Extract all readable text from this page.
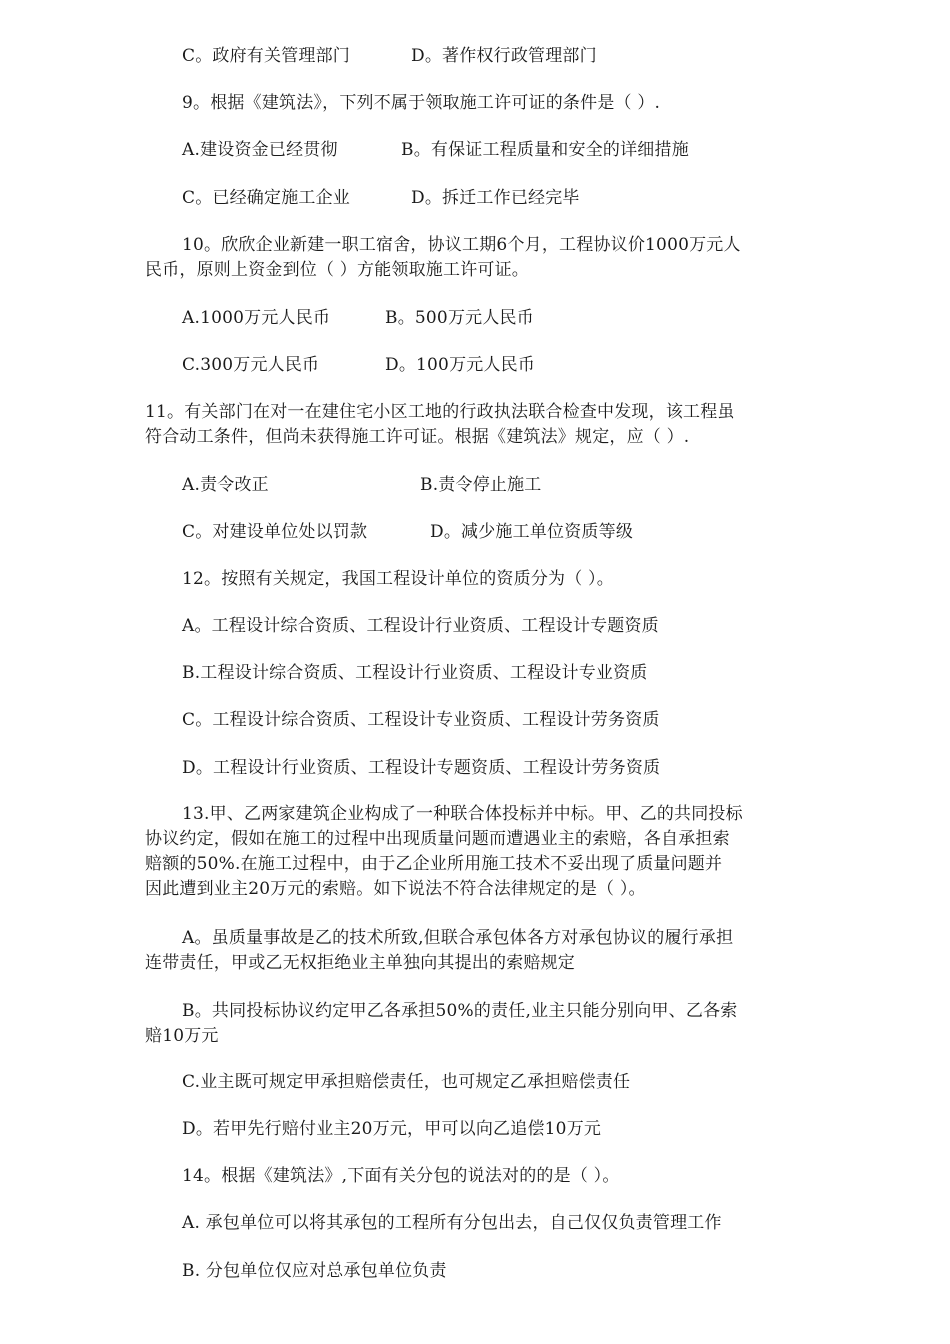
C。政府有关管理部门	D。著作权行政管理部门
9。根据《建筑法》，下列不属于领取施工许可证的条件是（ ）.
A.建设资金已经贯彻	B。有保证工程质量和安全的详细措施
C。已经确定施工企业	D。拆迁工作已经完毕
10。欣欣企业新建一职工宿舍，协议工期6个月，工程协议价1000万元人
民币，原则上资金到位（ ）方能领取施工许可证。
A.1000万元人民币	B。500万元人民币
C.300万元人民币	D。100万元人民币
11。有关部门在对一在建住宅小区工地的行政执法联合检查中发现，该工程虽
符合动工条件，但尚未获得施工许可证。根据《建筑法》规定，应（ ）.
A.责令改正	B.责令停止施工
C。对建设单位处以罚款	D。减少施工单位资质等级
12。按照有关规定，我国工程设计单位的资质分为（ ）。
A。工程设计综合资质、工程设计行业资质、工程设计专题资质
B.工程设计综合资质、工程设计行业资质、工程设计专业资质
C。工程设计综合资质、工程设计专业资质、工程设计劳务资质
D。工程设计行业资质、工程设计专题资质、工程设计劳务资质
13.甲、乙两家建筑企业构成了一种联合体投标并中标。甲、乙的共同投标
协议约定，假如在施工的过程中出现质量问题而遭遇业主的索赔，各自承担索
赔额的50%.在施工过程中，由于乙企业所用施工技术不妥出现了质量问题并
因此遭到业主20万元的索赔。如下说法不符合法律规定的是（ ）。
A。虽质量事故是乙的技术所致,但联合承包体各方对承包协议的履行承担
连带责任，甲或乙无权拒绝业主单独向其提出的索赔规定
B。共同投标协议约定甲乙各承担50%的责任,业主只能分别向甲、乙各索
赔10万元
C.业主既可规定甲承担赔偿责任，也可规定乙承担赔偿责任
D。若甲先行赔付业主20万元，甲可以向乙追偿10万元
14。根据《建筑法》,下面有关分包的说法对的的是（ ）。
A. 承包单位可以将其承包的工程所有分包出去，自己仅仅负责管理工作
B. 分包单位仅应对总承包单位负责
